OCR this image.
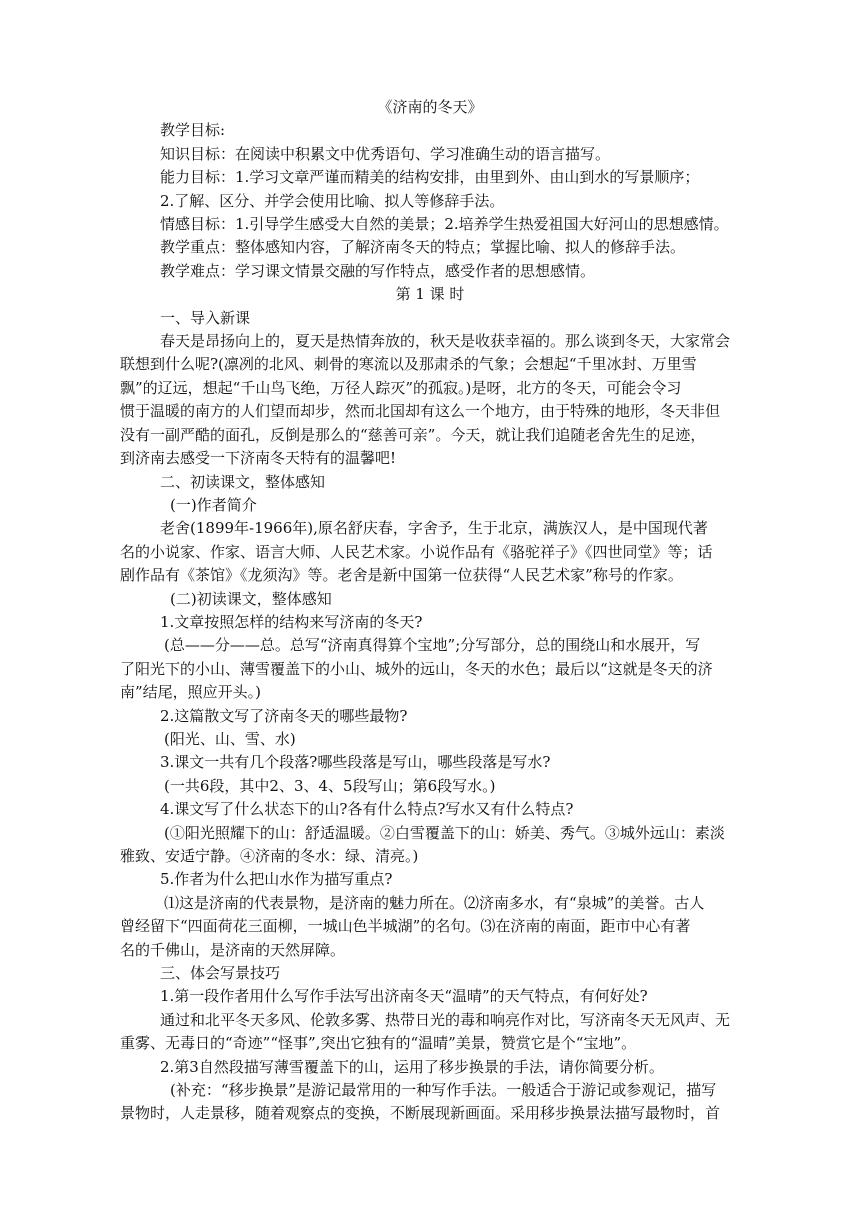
《济南的冬天》
教学目标:
知识目标：在阅读中积累文中优秀语句、学习准确生动的语言描写。
能力目标：1.学习文章严谨而精美的结构安排，由里到外、由山到水的写景顺序；
2.了解、区分、并学会使用比喻、拟人等修辞手法。
情感目标：1.引导学生感受大自然的美景；2.培养学生热爱祖国大好河山的思想感情。
教学重点：整体感知内容，了解济南冬天的特点；掌握比喻、拟人的修辞手法。
教学难点：学习课文情景交融的写作特点，感受作者的思想感情。
第 1 课 时
一、导入新课
春天是昂扬向上的，夏天是热情奔放的，秋天是收获幸福的。那么谈到冬天，大家常会
联想到什么呢?(凛冽的北风、刺骨的寒流以及那肃杀的气象；会想起“千里冰封、万里雪
飘”的辽远，想起“千山鸟飞绝，万径人踪灭”的孤寂。)是呀，北方的冬天，可能会令习
惯于温暖的南方的人们望而却步，然而北国却有这么一个地方，由于特殊的地形，冬天非但
没有一副严酷的面孔，反倒是那么的“慈善可亲”。今天，就让我们追随老舍先生的足迹，
到济南去感受一下济南冬天特有的温馨吧!
二、初读课文，整体感知
(一)作者简介
老舍(1899年-1966年),原名舒庆春，字舍予，生于北京，满族汉人，是中国现代著
名的小说家、作家、语言大师、人民艺术家。小说作品有《骆驼祥子》《四世同堂》等；话
剧作品有《茶馆》《龙须沟》等。老舍是新中国第一位获得“人民艺术家”称号的作家。
(二)初读课文，整体感知
1.文章按照怎样的结构来写济南的冬天?
(总——分——总。总写“济南真得算个宝地”;分写部分，总的围绕山和水展开，写
了阳光下的小山、薄雪覆盖下的小山、城外的远山，冬天的水色；最后以“这就是冬天的济
南”结尾，照应开头。)
2.这篇散文写了济南冬天的哪些最物?
(阳光、山、雪、水)
3.课文一共有几个段落?哪些段落是写山，哪些段落是写水?
(一共6段，其中2、3、4、5段写山；第6段写水。)
4.课文写了什么状态下的山?各有什么特点?写水又有什么特点?
(①阳光照耀下的山：舒适温暖。②白雪覆盖下的山：娇美、秀气。③城外远山：素淡
雅致、安适宁静。④济南的冬水：绿、清亮。)
5.作者为什么把山水作为描写重点?
⑴这是济南的代表景物，是济南的魅力所在。⑵济南多水，有“泉城”的美誉。古人
曾经留下“四面荷花三面柳，一城山色半城湖”的名句。⑶在济南的南面，距市中心有著
名的千佛山，是济南的天然屏障。
三、体会写景技巧
1.第一段作者用什么写作手法写出济南冬天“温晴”的天气特点，有何好处?
通过和北平冬天多风、伦敦多雾、热带日光的毒和响亮作对比，写济南冬天无风声、无
重雾、无毒日的“奇迹”“怪事”,突出它独有的“温晴”美景，赞赏它是个“宝地”。
2.第3自然段描写薄雪覆盖下的山，运用了移步换景的手法，请你简要分析。
(补充：“移步换景”是游记最常用的一种写作手法。一般适合于游记或参观记，描写
景物时，人走景移，随着观察点的变换，不断展现新画面。采用移步换景法描写最物时，首
